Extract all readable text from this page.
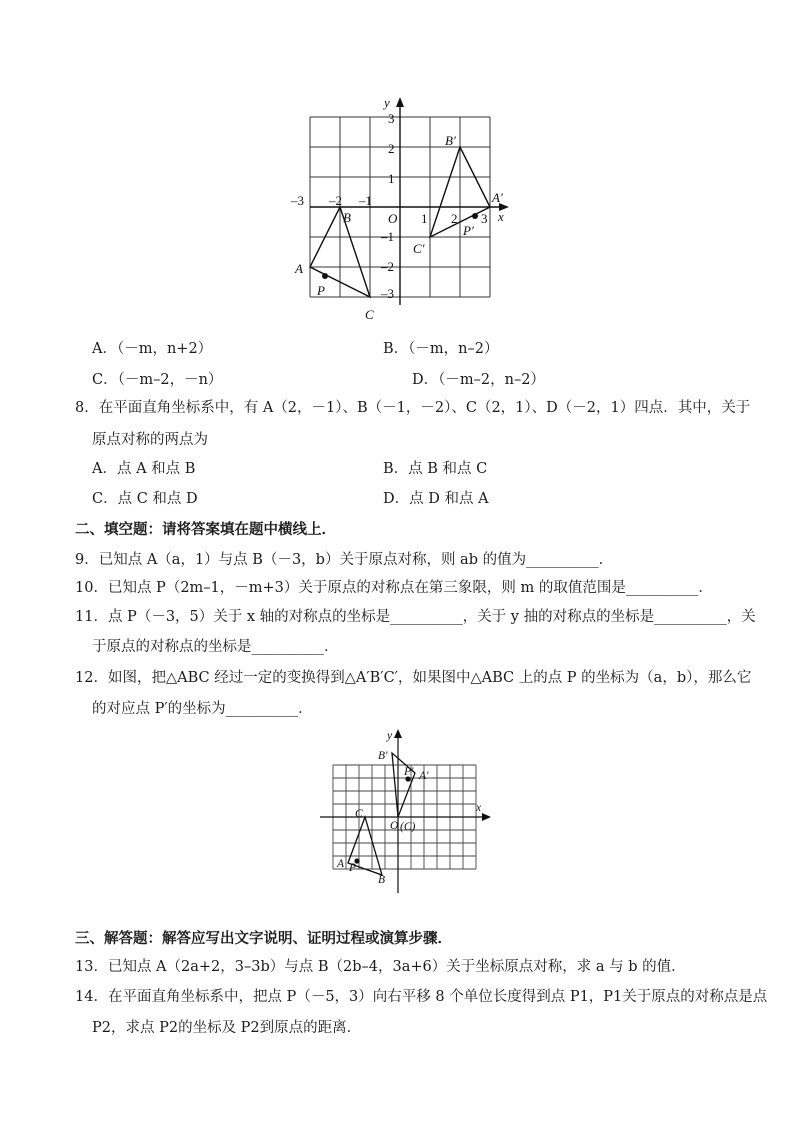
x
y
–3 –2 –1
1 2 3
3
2
1
–1
–2
–3
O
A
B
C
P
A′
B′
C′
P′
A．（－m，n+2）	B．（－m，n–2）
C．（－m–2，－n）	D．（－m–2，n–2）
8．在平面直角坐标系中，有 A（2，－1）、B（－1，－2）、C（2，1）、D（－2，1）四点．其中，关于
原点对称的两点为
A．点 A 和点 B	B．点 B 和点 C
C．点 C 和点 D	D．点 D 和点 A
二、填空题：请将答案填在题中横线上．
9．已知点 A（a，1）与点 B（－3，b）关于原点对称，则 ab 的值为__________．
10．已知点 P（2m–1，－m+3）关于原点的对称点在第三象限，则 m 的取值范围是__________．
11．点 P（－3，5）关于 x 轴的对称点的坐标是__________，关于 y 抽的对称点的坐标是__________，关
于原点的对称点的坐标是__________．
12．如图，把△ABC 经过一定的变换得到△A′B′C′，如果图中△ABC 上的点 P 的坐标为（a，b），那么它
的对应点 P′的坐标为__________．
x
y
B′
P′ A′
C
O (C)
A P
B
三、解答题：解答应写出文字说明、证明过程或演算步骤．
13．已知点 A（2a+2，3–3b）与点 B（2b–4，3a+6）关于坐标原点对称，求 a 与 b 的值．
14．在平面直角坐标系中，把点 P（－5，3）向右平移 8 个单位长度得到点 P1，P1关于原点的对称点是点
P2，求点 P2的坐标及 P2到原点的距离．
